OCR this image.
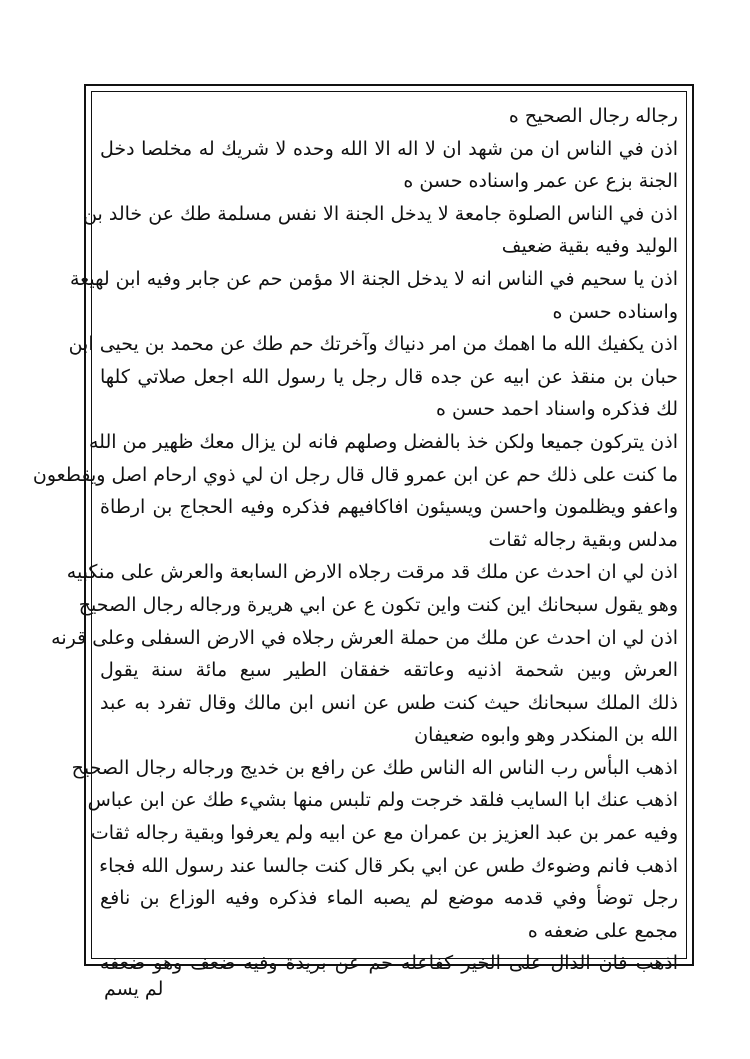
رجاله رجال الصحيح ه
اذن في الناس ان من شهد ان لا اله الا الله وحده لا شريك له مخلصا دخل
الجنة بزع عن عمر واسناده حسن ه
اذن في الناس الصلوة جامعة لا يدخل الجنة الا نفس مسلمة طك عن خالد بن
الوليد وفيه بقية ضعيف
اذن يا سحيم في الناس انه لا يدخل الجنة الا مؤمن حم عن جابر وفيه ابن لهيعة
واسناده حسن ه
اذن يكفيك الله ما اهمك من امر دنياك وآخرتك حم طك عن محمد بن يحيى ابن
حبان بن منقذ عن ابيه عن جده قال رجل يا رسول الله اجعل صلاتي كلها
لك فذكره واسناد احمد حسن ه
اذن يتركون جميعا ولكن خذ بالفضل وصلهم فانه لن يزال معك ظهير من الله
ما كنت على ذلك حم عن ابن عمرو قال قال رجل ان لي ذوي ارحام اصل ويقطعون
واعفو ويظلمون واحسن ويسيئون افاكافيهم فذكره وفيه الحجاج بن ارطاة
مدلس وبقية رجاله ثقات
اذن لي ان احدث عن ملك قد مرقت رجلاه الارض السابعة والعرش على منكبيه
وهو يقول سبحانك اين كنت واين تكون ع عن ابي هريرة ورجاله رجال الصحيح
اذن لي ان احدث عن ملك من حملة العرش رجلاه في الارض السفلى وعلى قرنه
العرش وبين شحمة اذنيه وعاتقه خفقان الطير سبع مائة سنة يقول
ذلك الملك سبحانك حيث كنت طس عن انس ابن مالك وقال تفرد به عبد
الله بن المنكدر وهو وابوه ضعيفان
اذهب البأس رب الناس اله الناس طك عن رافع بن خديج ورجاله رجال الصحيح
اذهب عنك ابا السايب فلقد خرجت ولم تلبس منها بشيء طك عن ابن عباس
وفيه عمر بن عبد العزيز بن عمران مع عن ابيه ولم يعرفوا وبقية رجاله ثقات
اذهب فانم وضوءك طس عن ابي بكر قال كنت جالسا عند رسول الله فجاء
رجل توضأ وفي قدمه موضع لم يصبه الماء فذكره وفيه الوزاع بن نافع
مجمع على ضعفه ه
اذهب فان الدال على الخير كفاعله حم عن بريدة وفيه ضعف وهو ضعفه
لم يسم
